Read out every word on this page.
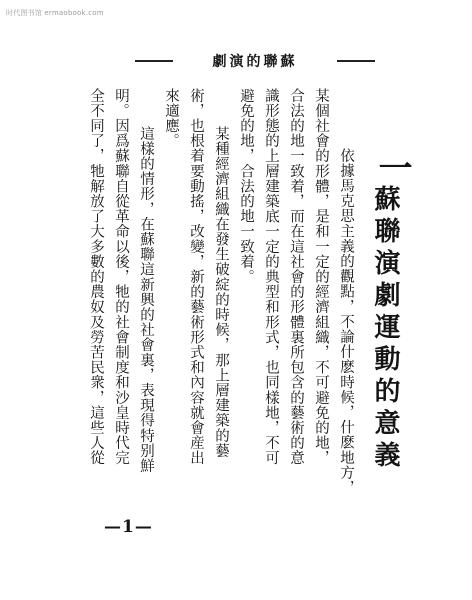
时代图书馆 ermaobook.com
蘇聯的演劇
一
蘇聯演劇運動的意義
依據馬克思主義的觀點，不論什麽時候，什麽地方，
某個社會的形體，是和一定的經濟組織，不可避免的地，
合法的地一致着，而在這社會的形體裏所包含的藝術的意
識形態的上層建築底一定的典型和形式，也同樣地，不可
避免的地，合法的地一致着。
某種經濟組織在發生破綻的時候，那上層建築的藝
術，也根着要動搖，改變，新的藝術形式和內容就會産出
來適應。
這樣的情形，在蘇聯這新興的社會裏，表現得特别鮮
明。因爲蘇聯自從革命以後，牠的社會制度和沙皇時代完
全不同了，牠解放了大多數的農奴及勞苦民衆，這些人從
—1—
